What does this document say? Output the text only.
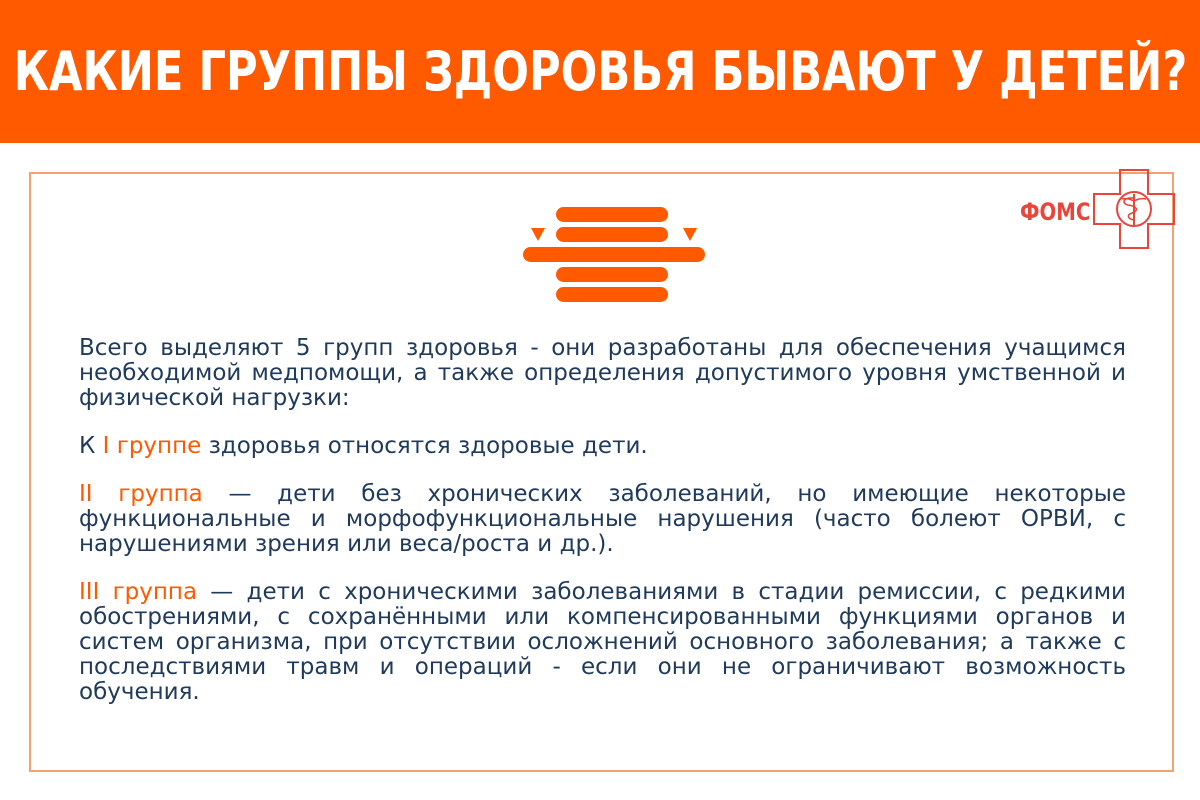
КАКИЕ ГРУППЫ ЗДОРОВЬЯ БЫВАЮТ У ДЕТЕЙ?
ФОМС

Всего выделяют 5 групп здоровья - они разработаны для обеспечения учащимся необходимой медпомощи, а также определения допустимого уровня умственной и физической нагрузки:

К I группе здоровья относятся здоровые дети.

II группа — дети без хронических заболеваний, но имеющие некоторые функциональные и морфофункциональные нарушения (часто болеют ОРВИ, с нарушениями зрения или веса/роста и др.).

III группа — дети с хроническими заболеваниями в стадии ремиссии, с редкими обострениями, с сохранёнными или компенсированными функциями органов и систем организма, при отсутствии осложнений основного заболевания; а также с последствиями травм и операций - если они не ограничивают возможность обучения.
